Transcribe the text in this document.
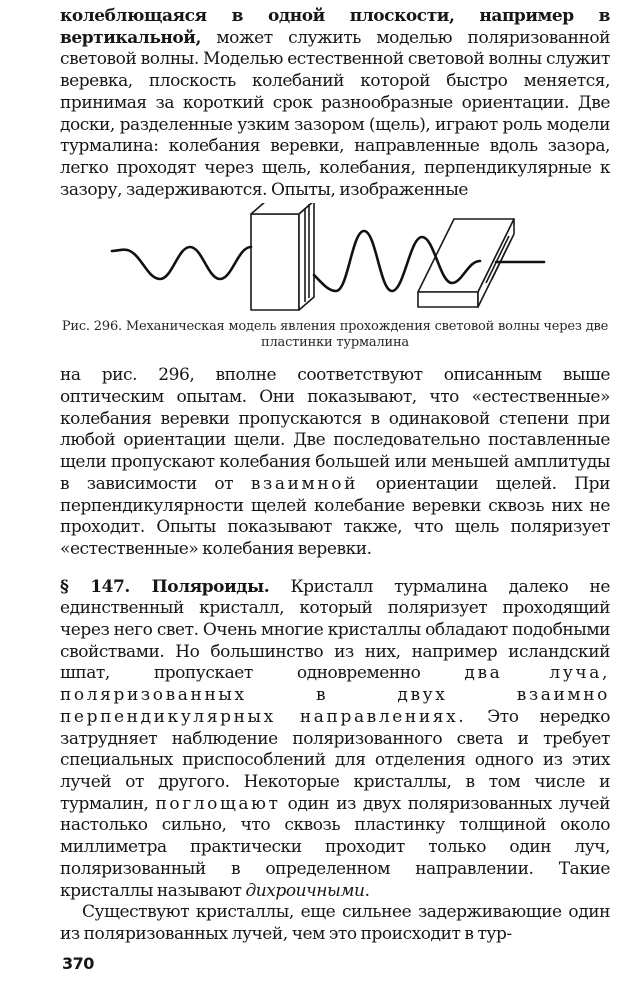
колеблющаяся в одной плоскости, например в вертикальной, может служить моделью поляризованной световой волны. Моделью естественной световой волны служит веревка, плоскость колебаний которой быстро меняется, принимая за короткий срок разнообразные ориентации. Две доски, разделенные узким зазором (щель), играют роль модели турмалина: колебания веревки, направленные вдоль зазора, легко проходят через щель, колебания, перпендикулярные к зазору, задерживаются. Опыты, изображенные

Рис. 296. Механическая модель явления прохождения световой волны через две пластинки турмалина

на рис. 296, вполне соответствуют описанным выше оптическим опытам. Они показывают, что «естественные» колебания веревки пропускаются в одинаковой степени при любой ориентации щели. Две последовательно поставленные щели пропускают колебания большей или меньшей амплитуды в зависимости от взаимной ориентации щелей. При перпендикулярности щелей колебание веревки сквозь них не проходит. Опыты показывают также, что щель поляризует «естественные» колебания веревки.

§ 147. Поляроиды. Кристалл турмалина далеко не единственный кристалл, который поляризует проходящий через него свет. Очень многие кристаллы обладают подобными свойствами. Но большинство из них, например исландский шпат, пропускает одновременно два луча, поляризованных в двух взаимно перпендикулярных направлениях. Это нередко затрудняет наблюдение поляризованного света и требует специальных приспособлений для отделения одного из этих лучей от другого. Некоторые кристаллы, в том числе и турмалин, поглощают один из двух поляризованных лучей настолько сильно, что сквозь пластинку толщиной около миллиметра практически проходит только один луч, поляризованный в определенном направлении. Такие кристаллы называют дихроичными.

Существуют кристаллы, еще сильнее задерживающие один из поляризованных лучей, чем это происходит в тур-

370
